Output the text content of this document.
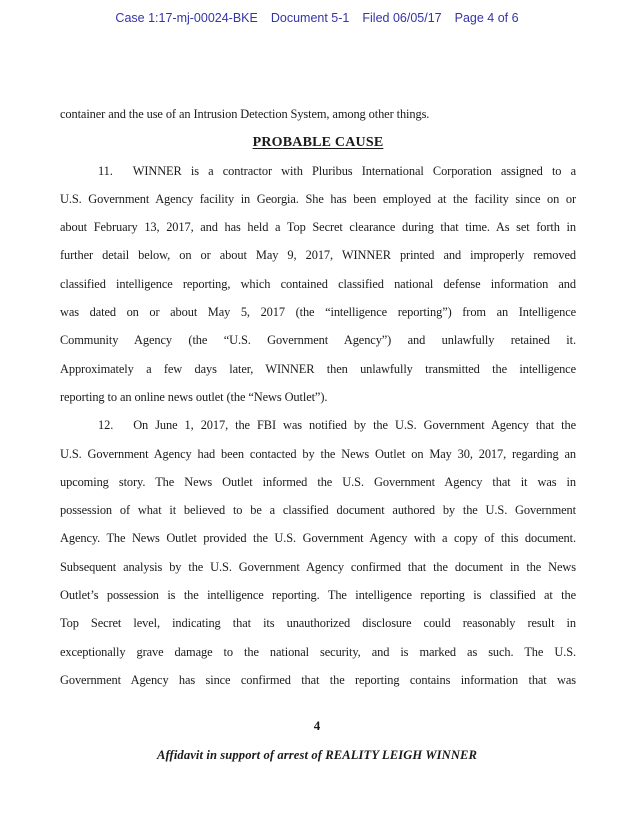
Case 1:17-mj-00024-BKE Document 5-1 Filed 06/05/17 Page 4 of 6
container and the use of an Intrusion Detection System, among other things.
PROBABLE CAUSE
11. WINNER is a contractor with Pluribus International Corporation assigned to a
U.S. Government Agency facility in Georgia. She has been employed at the facility since on or
about February 13, 2017, and has held a Top Secret clearance during that time. As set forth in
further detail below, on or about May 9, 2017, WINNER printed and improperly removed
classified intelligence reporting, which contained classified national defense information and
was dated on or about May 5, 2017 (the “intelligence reporting”) from an Intelligence
Community Agency (the “U.S. Government Agency”) and unlawfully retained it.
Approximately a few days later, WINNER then unlawfully transmitted the intelligence
reporting to an online news outlet (the “News Outlet”).
12. On June 1, 2017, the FBI was notified by the U.S. Government Agency that the
U.S. Government Agency had been contacted by the News Outlet on May 30, 2017, regarding an
upcoming story. The News Outlet informed the U.S. Government Agency that it was in
possession of what it believed to be a classified document authored by the U.S. Government
Agency. The News Outlet provided the U.S. Government Agency with a copy of this document.
Subsequent analysis by the U.S. Government Agency confirmed that the document in the News
Outlet’s possession is the intelligence reporting. The intelligence reporting is classified at the
Top Secret level, indicating that its unauthorized disclosure could reasonably result in
exceptionally grave damage to the national security, and is marked as such. The U.S.
Government Agency has since confirmed that the reporting contains information that was
4
Affidavit in support of arrest of REALITY LEIGH WINNER
